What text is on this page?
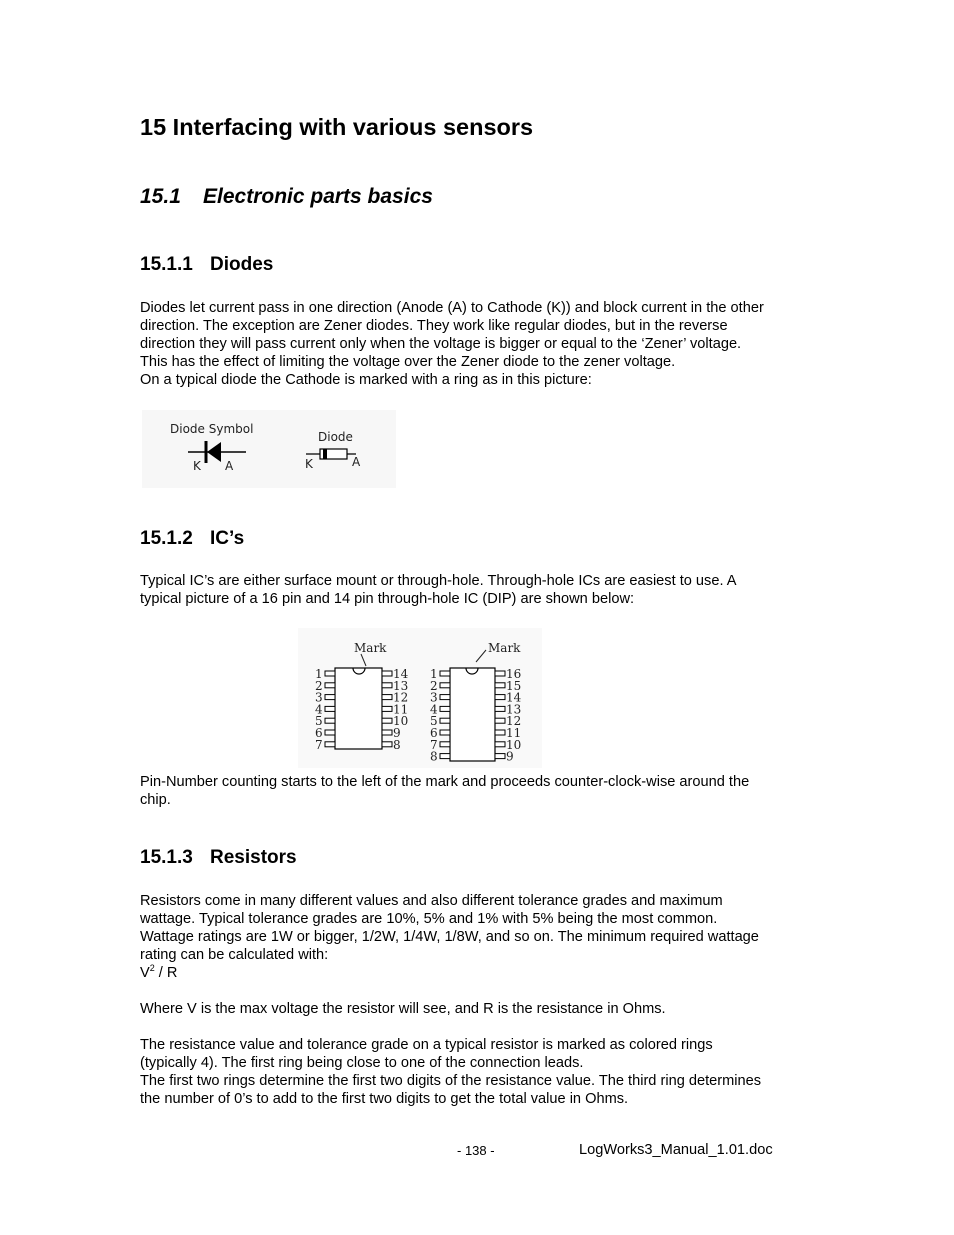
15 Interfacing with various sensors
15.1 Electronic parts basics
15.1.1 Diodes
Diodes let current pass in one direction (Anode (A) to Cathode (K)) and block current in the other
direction. The exception are Zener diodes. They work like regular diodes, but in the reverse
direction they will pass current only when the voltage is bigger or equal to the ‘Zener’ voltage.
This has the effect of limiting the voltage over the Zener diode to the zener voltage.
On a typical diode the Cathode is marked with a ring as in this picture:
Diode Symbol
K A
Diode
K	A
15.1.2 IC’s
Typical IC’s are either surface mount or through-hole. Through-hole ICs are easiest to use. A
typical picture of a 16 pin and 14 pin through-hole IC (DIP) are shown below:
Mark
1
2
3
4
5
6
7
14
13
12
11
10
9
8
Mark
1
2
3
4
5
6
7
8
16
15
14
13
12
11
10
9
Pin-Number counting starts to the left of the mark and proceeds counter-clock-wise around the
chip.
15.1.3 Resistors
Resistors come in many different values and also different tolerance grades and maximum
wattage. Typical tolerance grades are 10%, 5% and 1% with 5% being the most common.
Wattage ratings are 1W or bigger, 1/2W, 1/4W, 1/8W, and so on. The minimum required wattage
rating can be calculated with:
$V^2$ / R
Where V is the max voltage the resistor will see, and R is the resistance in Ohms.
The resistance value and tolerance grade on a typical resistor is marked as colored rings
(typically 4). The first ring being close to one of the connection leads.
The first two rings determine the first two digits of the resistance value. The third ring determines
the number of 0’s to add to the first two digits to get the total value in Ohms.
- 138 -	LogWorks3_Manual_1.01.doc
